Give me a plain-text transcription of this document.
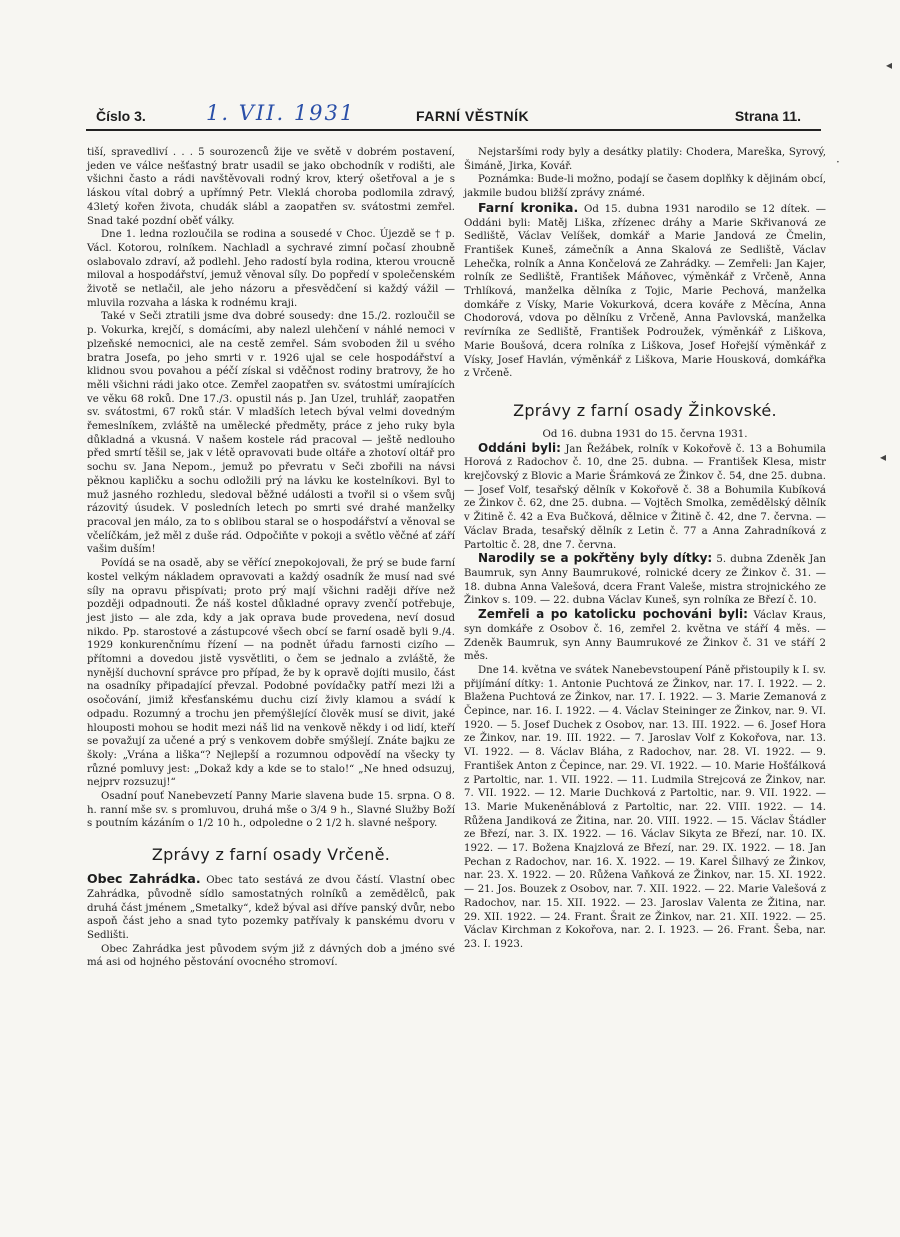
Číslo 3.	1. VII. 1931	FARNÍ VĚSTNÍK	Strana 11.

tiší, spravedliví . . . 5 sourozenců žije ve světě v dobrém postavení, jeden ve válce nešťastný bratr usadil se jako obchodník v rodišti, ale všichni často a rádi navštěvovali rodný krov, který ošetřoval a je s láskou vítal dobrý a upřímný Petr. Vleklá choroba podlomila zdravý, 43letý kořen života, chudák slábl a zaopatřen sv. svátostmi zemřel. Snad také pozdní oběť války.

Dne 1. ledna rozloučila se rodina a sousedé v Choc. Újezdě se † p. Václ. Kotorou, rolníkem. Nachladl a sychravé zimní počasí zhoubně oslabovalo zdraví, až podlehl. Jeho radostí byla rodina, kterou vroucně miloval a hospodářství, jemuž věnoval síly. Do popředí v společenském životě se netlačil, ale jeho názoru a přesvědčení si každý vážil — mluvila rozvaha a láska k rodnému kraji.

Také v Seči ztratili jsme dva dobré sousedy: dne 15./2. rozloučil se p. Vokurka, krejčí, s domácími, aby nalezl ulehčení v náhlé nemoci v plzeňské nemocnici, ale na cestě zemřel. Sám svoboden žil u svého bratra Josefa, po jeho smrti v r. 1926 ujal se cele hospodářství a klidnou svou povahou a péčí získal si vděčnost rodiny bratrovy, že ho měli všichni rádi jako otce. Zemřel zaopatřen sv. svátostmi umírajících ve věku 68 roků. Dne 17./3. opustil nás p. Jan Uzel, truhlář, zaopatřen sv. svátostmi, 67 roků stár. V mladších letech býval velmi dovedným řemeslníkem, zvláště na umělecké předměty, práce z jeho ruky byla důkladná a vkusná. V našem kostele rád pracoval — ještě nedlouho před smrtí těšil se, jak v létě opravovati bude oltáře a zhotoví oltář pro sochu sv. Jana Nepom., jemuž po převratu v Seči zbořili na návsi pěknou kapličku a sochu odložili prý na lávku ke kostelníkovi. Byl to muž jasného rozhledu, sledoval běžné události a tvořil si o všem svůj rázovitý úsudek. V posledních letech po smrti své drahé manželky pracoval jen málo, za to s oblibou staral se o hospodářství a věnoval se včelíčkám, jež měl z duše rád. Odpočiňte v pokoji a světlo věčné ať září vašim duším!

Povídá se na osadě, aby se věřící znepokojovali, že prý se bude farní kostel velkým nákladem opravovati a každý osadník že musí nad své síly na opravu přispívati; proto prý mají všichni raději dříve než později odpadnouti. Že náš kostel důkladné opravy zvenčí potřebuje, jest jisto — ale zda, kdy a jak oprava bude provedena, neví dosud nikdo. Pp. starostové a zástupcové všech obcí se farní osadě byli 9./4. 1929 konkurenčnímu řízení — na podnět úřadu farnosti cizího — přítomni a dovedou jistě vysvětliti, o čem se jednalo a zvláště, že nynější duchovní správce pro případ, že by k opravě dojíti musilo, část na osadníky připadající převzal. Podobné povídačky patří mezi lži a osočování, jimiž křesťanskému duchu cizí živly klamou a svádí k odpadu. Rozumný a trochu jen přemýšlející člověk musí se divit, jaké hlouposti mohou se hodit mezi náš lid na venkově někdy i od lidí, kteří se považují za učené a prý s venkovem dobře smýšlejí. Znáte bajku ze školy: „Vrána a liška“? Nejlepší a rozumnou odpovědí na všecky ty různé pomluvy jest: „Dokaž kdy a kde se to stalo!“ „Ne hned odsuzuj, nejprv rozsuzuj!“

Osadní pouť Nanebevzetí Panny Marie slavena bude 15. srpna. O 8. h. ranní mše sv. s promluvou, druhá mše o 3/4 9 h., Slavné Služby Boží s poutním kázáním o 1/2 10 h., odpoledne o 2 1/2 h. slavné nešpory.

Zprávy z farní osady Vrčeně.

Obec Zahrádka. Obec tato sestává ze dvou částí. Vlastní obec Zahrádka, původně sídlo samostatných rolníků a zemědělců, pak druhá část jménem „Smetalky“, kdež býval asi dříve panský dvůr, nebo aspoň část jeho a snad tyto pozemky patřívaly k panskému dvoru v Sedlišti.

Obec Zahrádka jest původem svým již z dávných dob a jméno své má asi od hojného pěstování ovocného stromoví.

Nejstaršími rody byly a desátky platily: Chodera, Mareška, Syrový, Šimáně, Jirka, Kovář.

Poznámka: Bude-li možno, podají se časem doplňky k dějinám obcí, jakmile budou bližší zprávy známé.

Farní kronika. Od 15. dubna 1931 narodilo se 12 dítek. — Oddáni byli: Matěj Liška, zřízenec dráhy a Marie Skřivanová ze Sedliště, Václav Velíšek, domkář a Marie Jandová ze Čmelin, František Kuneš, zámečník a Anna Skalová ze Sedliště, Václav Lehečka, rolník a Anna Končelová ze Zahrádky. — Zemřeli: Jan Kajer, rolník ze Sedliště, František Máňovec, výměnkář z Vrčeně, Anna Trhlíková, manželka dělníka z Tojic, Marie Pechová, manželka domkáře z Vísky, Marie Vokurková, dcera kováře z Měcína, Anna Chodorová, vdova po dělníku z Vrčeně, Anna Pavlovská, manželka revírníka ze Sedliště, František Podroužek, výměnkář z Liškova, Marie Boušová, dcera rolníka z Liškova, Josef Hořejší výměnkář z Vísky, Josef Havlán, výměnkář z Liškova, Marie Housková, domkářka z Vrčeně.

Zprávy z farní osady Žinkovské.

Od 16. dubna 1931 do 15. června 1931.

Oddáni byli: Jan Řežábek, rolník v Kokořově č. 13 a Bohumila Horová z Radochov č. 10, dne 25. dubna. — František Klesa, mistr krejčovský z Blovic a Marie Šrámková ze Žinkov č. 54, dne 25. dubna. — Josef Volf, tesařský dělník v Kokořově č. 38 a Bohumila Kubíková ze Žinkov č. 62, dne 25. dubna. — Vojtěch Smolka, zemědělský dělník v Žitině č. 42 a Eva Bučková, dělnice v Žitině č. 42, dne 7. června. — Václav Brada, tesařský dělník z Letin č. 77 a Anna Zahradníková z Partoltic č. 28, dne 7. června.

Narodily se a pokřtěny byly dítky: 5. dubna Zdeněk Jan Baumruk, syn Anny Baumrukové, rolnické dcery ze Žinkov č. 31. — 18. dubna Anna Valešová, dcera Frant Valeše, mistra strojnického ze Žinkov s. 109. — 22. dubna Václav Kuneš, syn rolníka ze Březí č. 10.

Zemřeli a po katolicku pochováni byli: Václav Kraus, syn domkáře z Osobov č. 16, zemřel 2. května ve stáří 4 měs. — Zdeněk Baumruk, syn Anny Baumrukové ze Žinkov č. 31 ve stáří 2 měs.

Dne 14. května ve svátek Nanebevstoupení Páně přistoupily k I. sv. přijímání dítky: 1. Antonie Puchtová ze Žinkov, nar. 17. I. 1922. — 2. Blažena Puchtová ze Žinkov, nar. 17. I. 1922. — 3. Marie Zemanová z Čepince, nar. 16. I. 1922. — 4. Václav Steininger ze Žinkov, nar. 9. VI. 1920. — 5. Josef Duchek z Osobov, nar. 13. III. 1922. — 6. Josef Hora ze Žinkov, nar. 19. III. 1922. — 7. Jaroslav Volf z Kokořova, nar. 13. VI. 1922. — 8. Václav Bláha, z Radochov, nar. 28. VI. 1922. — 9. František Anton z Čepince, nar. 29. VI. 1922. — 10. Marie Hošťálková z Partoltic, nar. 1. VII. 1922. — 11. Ludmila Strejcová ze Žinkov, nar. 7. VII. 1922. — 12. Marie Duchková z Partoltic, nar. 9. VII. 1922. — 13. Marie Mukeněnáblová z Partoltic, nar. 22. VIII. 1922. — 14. Růžena Jandiková ze Žitina, nar. 20. VIII. 1922. — 15. Václav Štádler ze Březí, nar. 3. IX. 1922. — 16. Václav Sikyta ze Březí, nar. 10. IX. 1922. — 17. Božena Knajzlová ze Březí, nar. 29. IX. 1922. — 18. Jan Pechan z Radochov, nar. 16. X. 1922. — 19. Karel Šilhavý ze Žinkov, nar. 23. X. 1922. — 20. Růžena Vaňková ze Žinkov, nar. 15. XI. 1922. — 21. Jos. Bouzek z Osobov, nar. 7. XII. 1922. — 22. Marie Valešová z Radochov, nar. 15. XII. 1922. — 23. Jaroslav Valenta ze Žitina, nar. 29. XII. 1922. — 24. Frant. Šrait ze Žinkov, nar. 21. XII. 1922. — 25. Václav Kirchman z Kokořova, nar. 2. I. 1923. — 26. Frant. Šeba, nar. 23. I. 1923.

◂
·
◂
